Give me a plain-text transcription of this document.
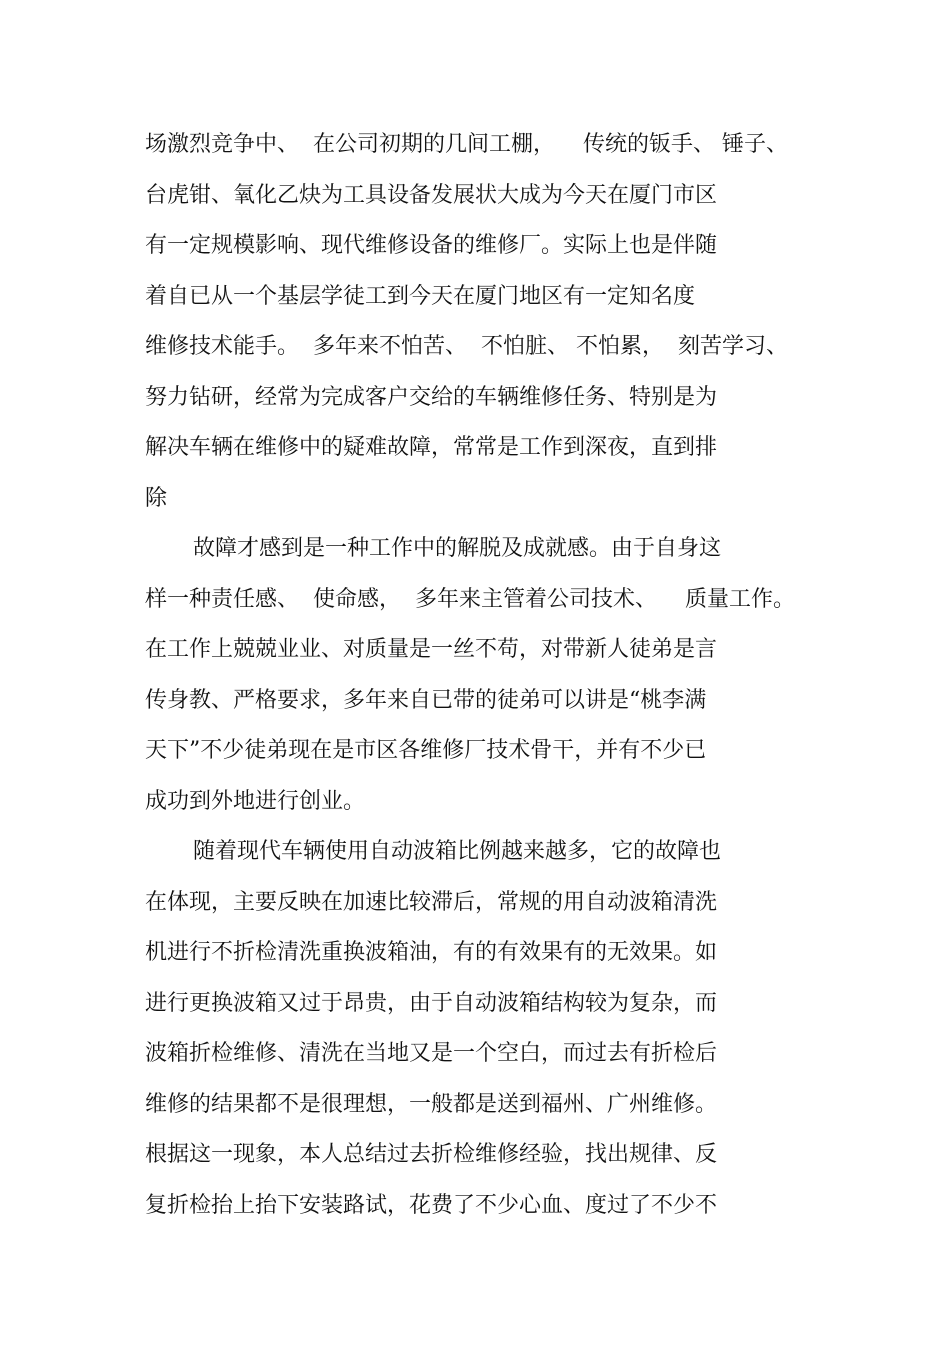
场激烈竞争中、  在公司初期的几间工棚，    传统的钣手、 锤子、
台虎钳、氧化乙炔为工具设备发展状大成为今天在厦门市区
有一定规模影响、现代维修设备的维修厂。实际上也是伴随
着自已从一个基层学徒工到今天在厦门地区有一定知名度
维修技术能手。  多年来不怕苦、  不怕脏、 不怕累，  刻苦学习、
努力钻研，经常为完成客户交给的车辆维修任务、特别是为
解决车辆在维修中的疑难故障，常常是工作到深夜，直到排
除
故障才感到是一种工作中的解脱及成就感。由于自身这
样一种责任感、  使命感，  多年来主管着公司技术、    质量工作。
在工作上兢兢业业、对质量是一丝不苟，对带新人徒弟是言
传身教、严格要求，多年来自已带的徒弟可以讲是“桃李满
天下”不少徒弟现在是市区各维修厂技术骨干，并有不少已
成功到外地进行创业。
随着现代车辆使用自动波箱比例越来越多，它的故障也
在体现，主要反映在加速比较滞后，常规的用自动波箱清洗
机进行不折检清洗重换波箱油，有的有效果有的无效果。如
进行更换波箱又过于昂贵，由于自动波箱结构较为复杂，而
波箱折检维修、清洗在当地又是一个空白，而过去有折检后
维修的结果都不是很理想，一般都是送到福州、广州维修。
根据这一现象，本人总结过去折检维修经验，找出规律、反
复折检抬上抬下安装路试，花费了不少心血、度过了不少不
